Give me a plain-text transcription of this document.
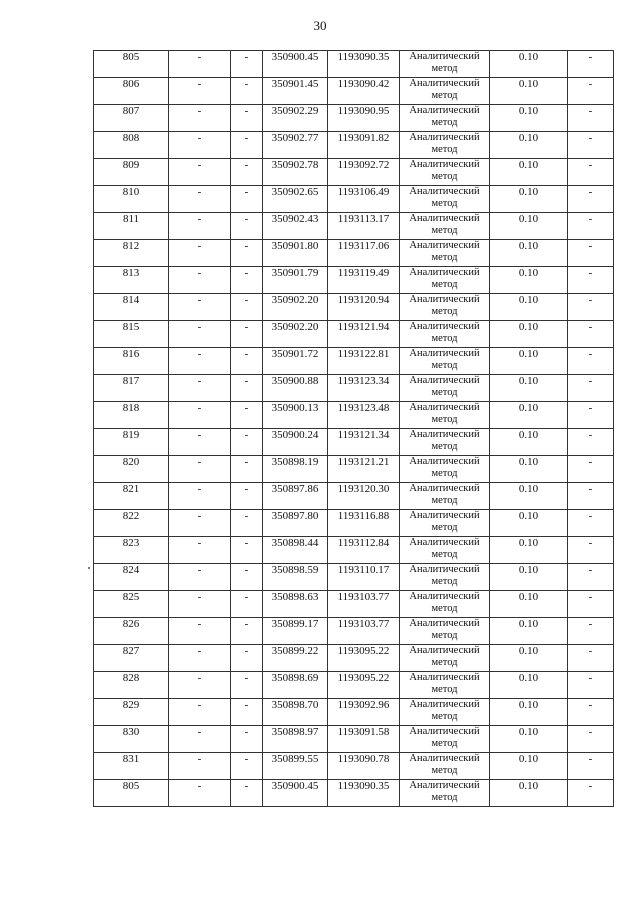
30
805	-	-	350900.45	1193090.35	Аналитический метод	0.10	-
806	-	-	350901.45	1193090.42	Аналитический метод	0.10	-
807	-	-	350902.29	1193090.95	Аналитический метод	0.10	-
808	-	-	350902.77	1193091.82	Аналитический метод	0.10	-
809	-	-	350902.78	1193092.72	Аналитический метод	0.10	-
810	-	-	350902.65	1193106.49	Аналитический метод	0.10	-
811	-	-	350902.43	1193113.17	Аналитический метод	0.10	-
812	-	-	350901.80	1193117.06	Аналитический метод	0.10	-
813	-	-	350901.79	1193119.49	Аналитический метод	0.10	-
814	-	-	350902.20	1193120.94	Аналитический метод	0.10	-
815	-	-	350902.20	1193121.94	Аналитический метод	0.10	-
816	-	-	350901.72	1193122.81	Аналитический метод	0.10	-
817	-	-	350900.88	1193123.34	Аналитический метод	0.10	-
818	-	-	350900.13	1193123.48	Аналитический метод	0.10	-
819	-	-	350900.24	1193121.34	Аналитический метод	0.10	-
820	-	-	350898.19	1193121.21	Аналитический метод	0.10	-
821	-	-	350897.86	1193120.30	Аналитический метод	0.10	-
822	-	-	350897.80	1193116.88	Аналитический метод	0.10	-
823	-	-	350898.44	1193112.84	Аналитический метод	0.10	-
824	-	-	350898.59	1193110.17	Аналитический метод	0.10	-
825	-	-	350898.63	1193103.77	Аналитический метод	0.10	-
826	-	-	350899.17	1193103.77	Аналитический метод	0.10	-
827	-	-	350899.22	1193095.22	Аналитический метод	0.10	-
828	-	-	350898.69	1193095.22	Аналитический метод	0.10	-
829	-	-	350898.70	1193092.96	Аналитический метод	0.10	-
830	-	-	350898.97	1193091.58	Аналитический метод	0.10	-
831	-	-	350899.55	1193090.78	Аналитический метод	0.10	-
805	-	-	350900.45	1193090.35	Аналитический метод	0.10	-
